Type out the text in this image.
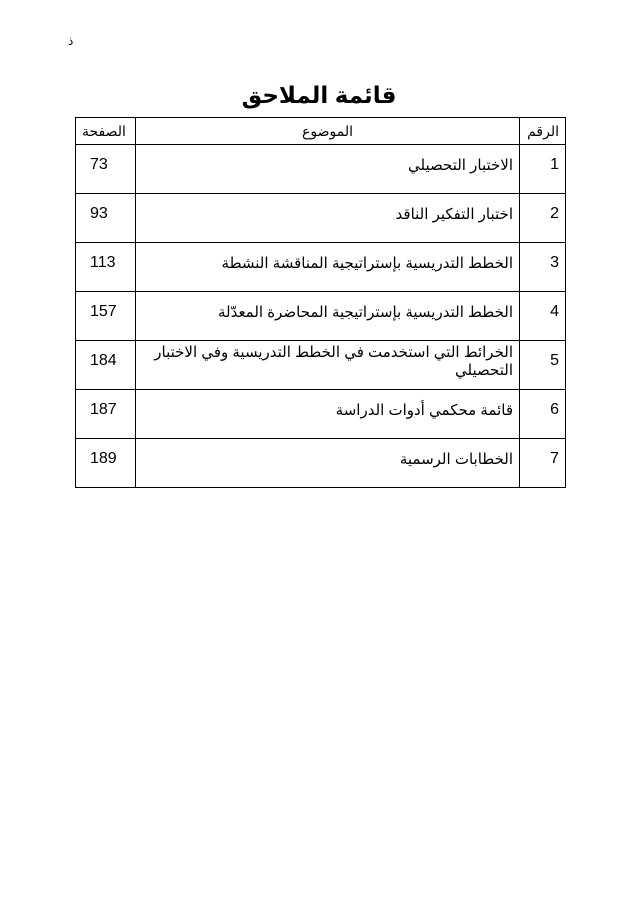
ذ
قائمة الملاحق
الرقم	الموضوع	الصفحة
1	الاختبار التحصيلي	73
2	اختبار التفكير الناقد	93
3	الخطط التدريسية بإستراتيجية المناقشة النشطة	113
4	الخطط التدريسية بإستراتيجية المحاضرة المعدّلة	157
5	الخرائط التي استخدمت في الخطط التدريسية وفي الاختبار التحصيلي	184
6	قائمة محكمي أدوات الدراسة	187
7	الخطابات الرسمية	189
